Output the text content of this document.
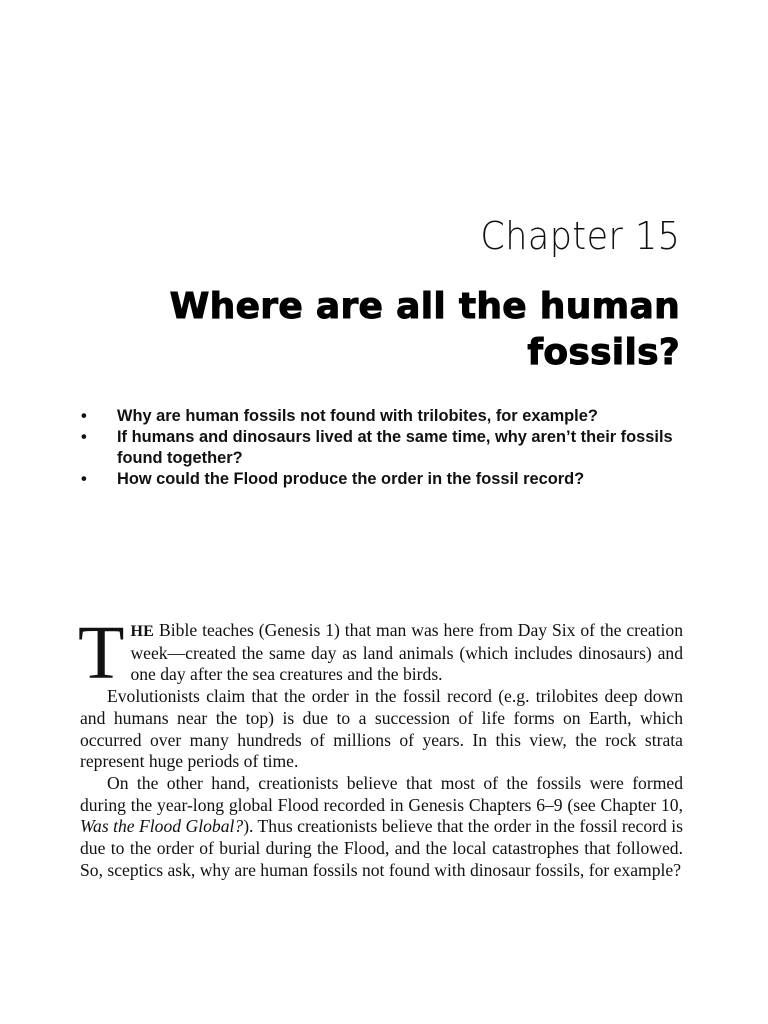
Chapter 15
Where are all the human fossils?
• Why are human fossils not found with trilobites, for example?
• If humans and dinosaurs lived at the same time, why aren’t their fossils found together?
• How could the Flood produce the order in the fossil record?

THE Bible teaches (Genesis 1) that man was here from Day Six of the creation week—created the same day as land animals (which includes dinosaurs) and one day after the sea creatures and the birds.

Evolutionists claim that the order in the fossil record (e.g. trilobites deep down and humans near the top) is due to a succession of life forms on Earth, which occurred over many hundreds of millions of years. In this view, the rock strata represent huge periods of time.

On the other hand, creationists believe that most of the fossils were formed during the year-long global Flood recorded in Genesis Chapters 6–9 (see Chapter 10, Was the Flood Global?). Thus creationists believe that the order in the fossil record is due to the order of burial during the Flood, and the local catastrophes that followed. So, sceptics ask, why are human fossils not found with dinosaur fossils, for example?
